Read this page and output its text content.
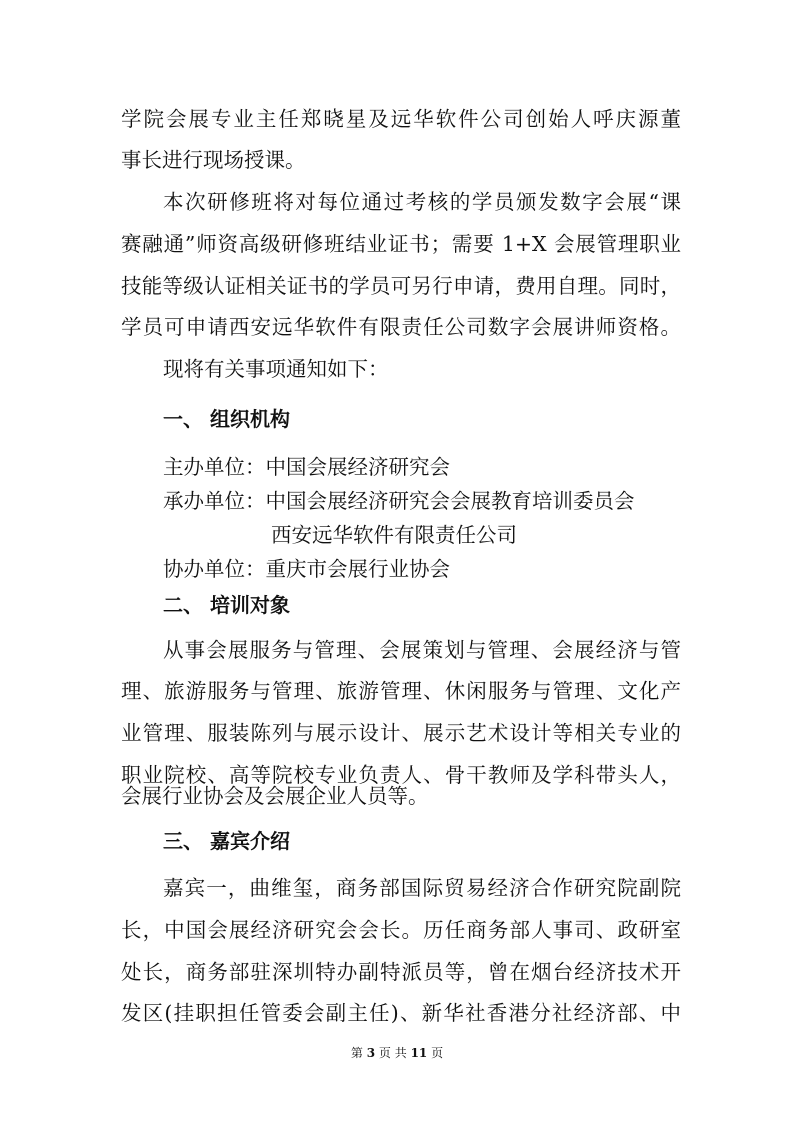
学院会展专业主任郑晓星及远华软件公司创始人呼庆源董
事长进行现场授课。
本次研修班将对每位通过考核的学员颁发数字会展“课
赛融通”师资高级研修班结业证书；需要 1+X 会展管理职业
技能等级认证相关证书的学员可另行申请，费用自理。同时，
学员可申请西安远华软件有限责任公司数字会展讲师资格。
现将有关事项通知如下：
一、 组织机构
主办单位：中国会展经济研究会
承办单位：中国会展经济研究会会展教育培训委员会
西安远华软件有限责任公司
协办单位：重庆市会展行业协会
二、 培训对象
从事会展服务与管理、会展策划与管理、会展经济与管
理、旅游服务与管理、旅游管理、休闲服务与管理、文化产
业管理、服装陈列与展示设计、展示艺术设计等相关专业的
职业院校、高等院校专业负责人、骨干教师及学科带头人，
会展行业协会及会展企业人员等。
三、 嘉宾介绍
嘉宾一，曲维玺，商务部国际贸易经济合作研究院副院
长，中国会展经济研究会会长。历任商务部人事司、政研室
处长，商务部驻深圳特办副特派员等，曾在烟台经济技术开
发区(挂职担任管委会副主任)、新华社香港分社经济部、中
第 3 页 共 11 页
